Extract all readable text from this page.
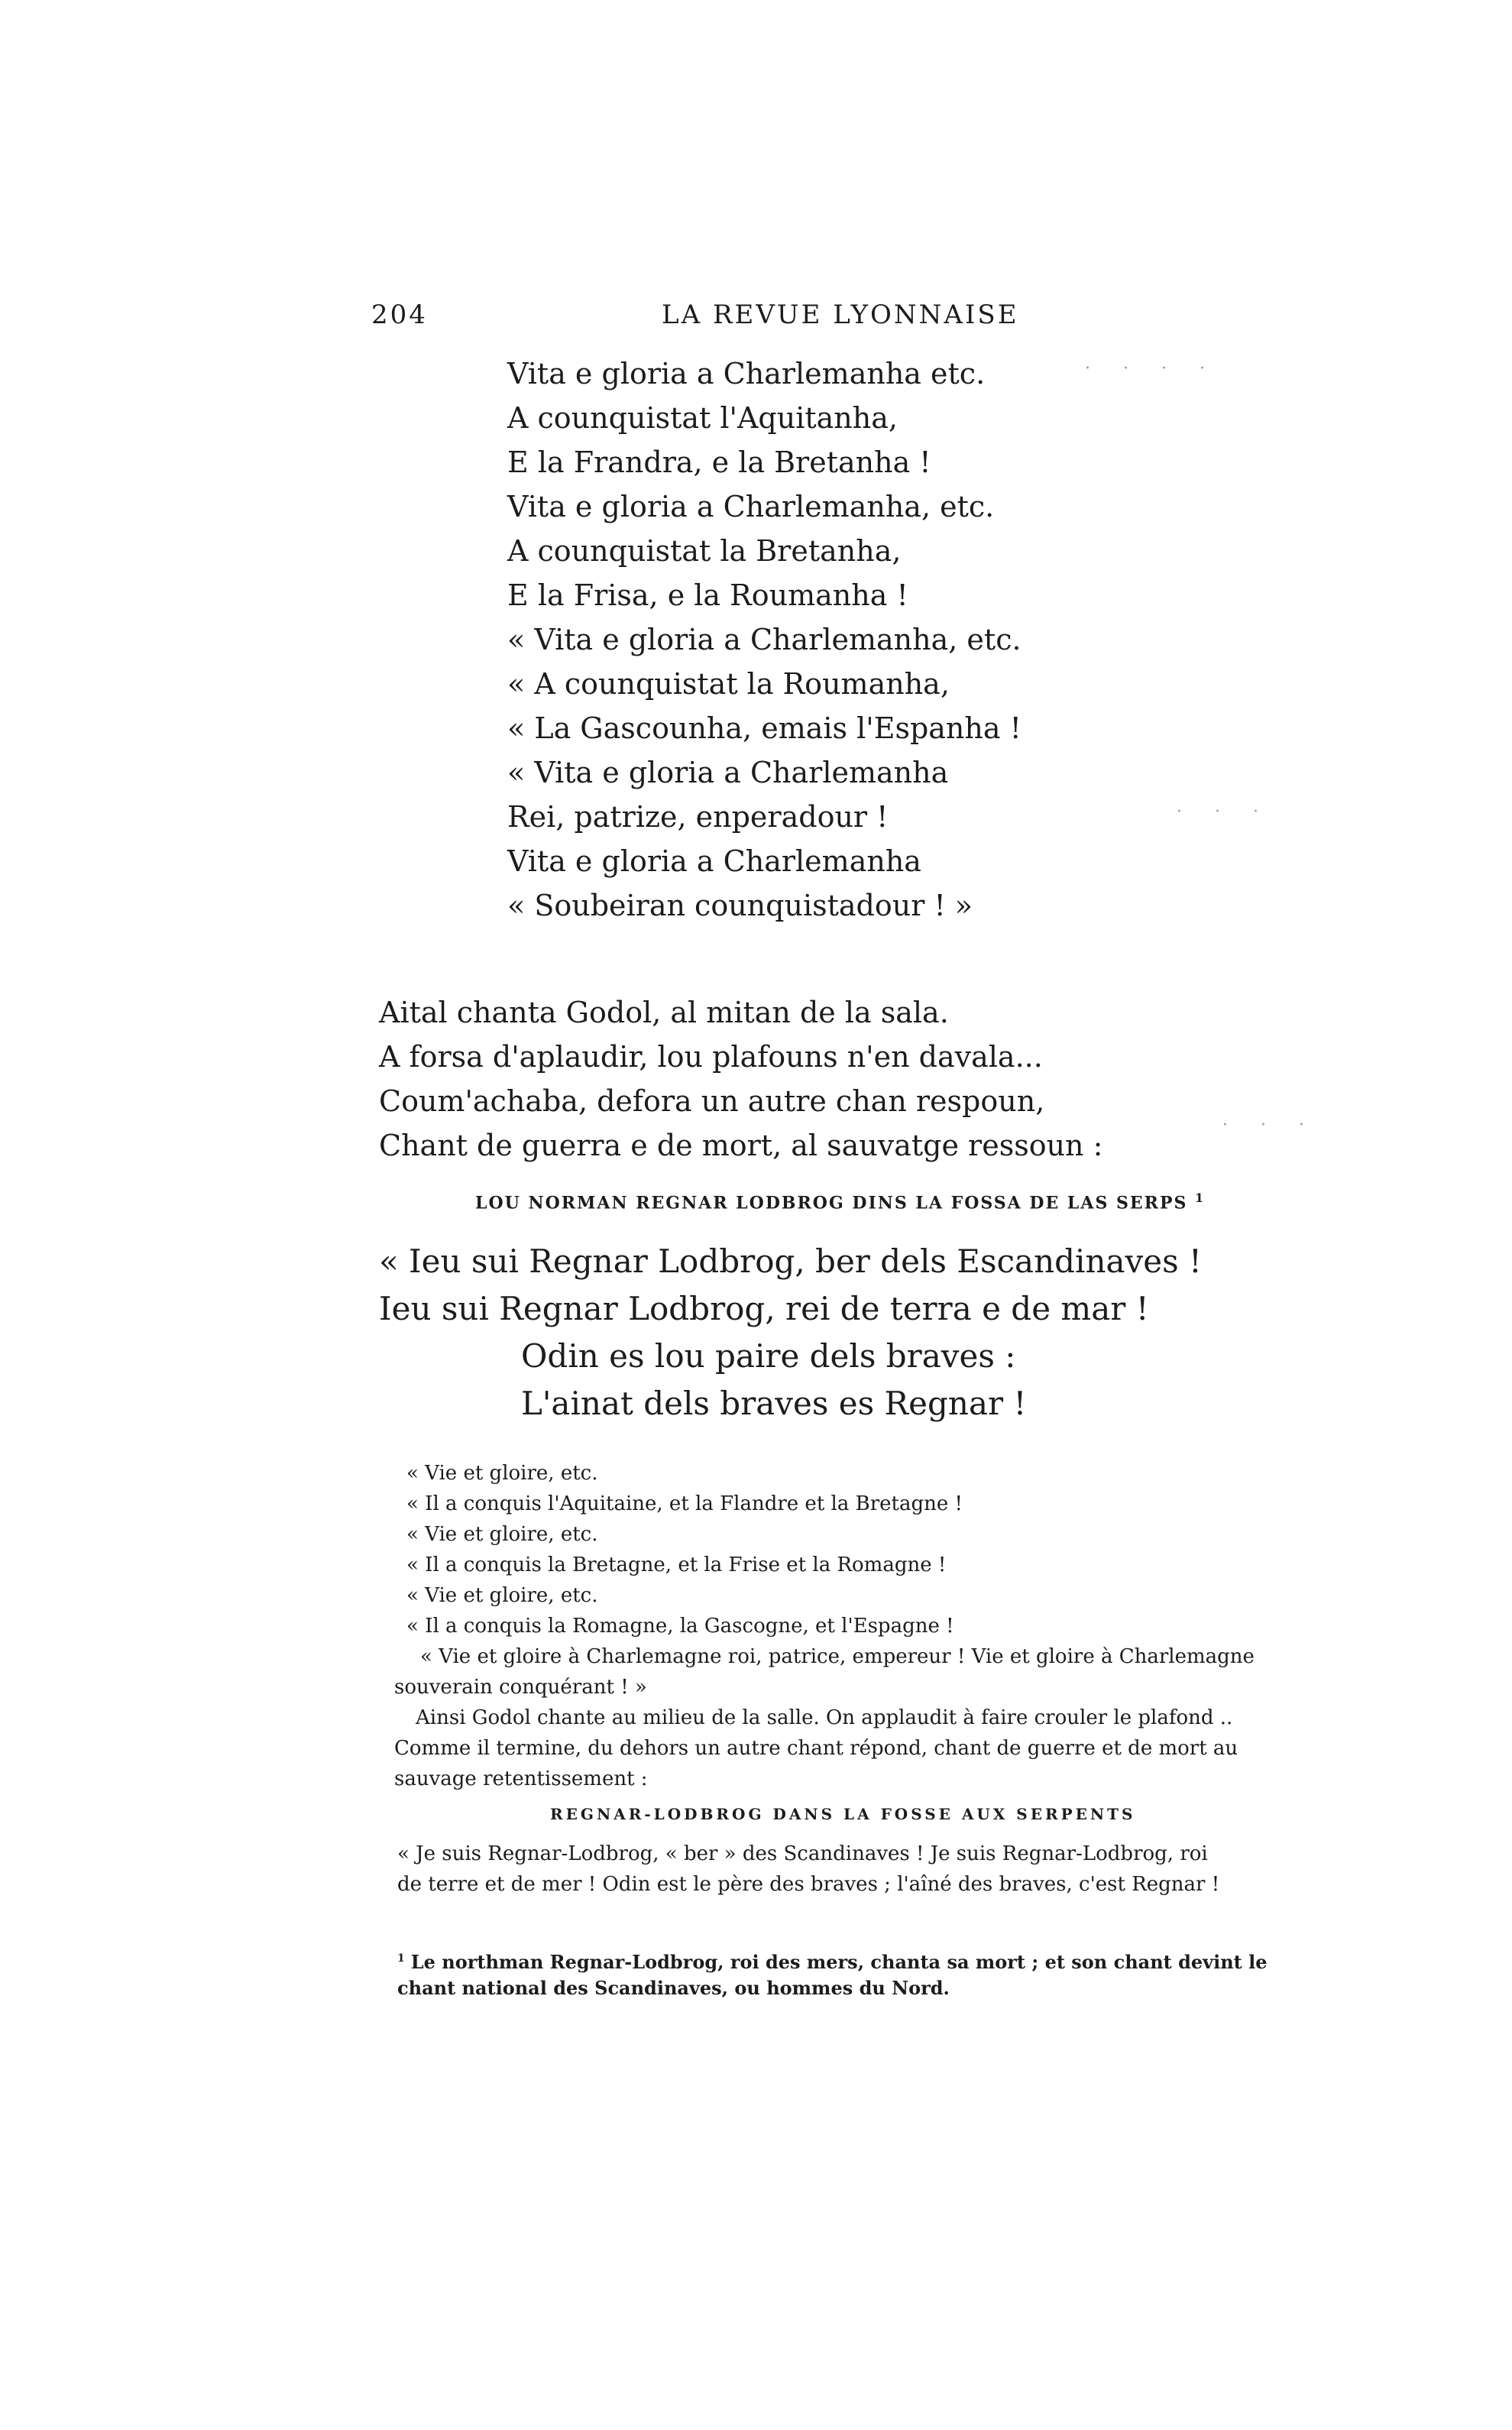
204	LA REVUE LYONNAISE
Vita e gloria a Charlemanha etc.
A counquistat l'Aquitanha,
E la Frandra, e la Bretanha !
Vita e gloria a Charlemanha, etc.
A counquistat la Bretanha,
E la Frisa, e la Roumanha !
« Vita e gloria a Charlemanha, etc.
« A counquistat la Roumanha,
« La Gascounha, emais l'Espanha !
« Vita e gloria a Charlemanha
Rei, patrize, enperadour !
Vita e gloria a Charlemanha
« Soubeiran counquistadour ! »
Aital chanta Godol, al mitan de la sala.
A forsa d'aplaudir, lou plafouns n'en davala...
Coum'achaba, defora un autre chan respoun,
Chant de guerra e de mort, al sauvatge ressoun :
LOU NORMAN REGNAR LODBROG DINS LA FOSSA DE LAS SERPS $^1$
« Ieu sui Regnar Lodbrog, ber dels Escandinaves !
Ieu sui Regnar Lodbrog, rei de terra e de mar !
Odin es lou paire dels braves :
L'ainat dels braves es Regnar !
« Vie et gloire, etc.
« Il a conquis l'Aquitaine, et la Flandre et la Bretagne !
« Vie et gloire, etc.
« Il a conquis la Bretagne, et la Frise et la Romagne !
« Vie et gloire, etc.
« Il a conquis la Romagne, la Gascogne, et l'Espagne !
« Vie et gloire à Charlemagne roi, patrice, empereur ! Vie et gloire à Charlemagne
souverain conquérant ! »
Ainsi Godol chante au milieu de la salle. On applaudit à faire crouler le plafond ..
Comme il termine, du dehors un autre chant répond, chant de guerre et de mort au
sauvage retentissement :
REGNAR-LODBROG DANS LA FOSSE AUX SERPENTS
« Je suis Regnar-Lodbrog, « ber » des Scandinaves ! Je suis Regnar-Lodbrog, roi
de terre et de mer ! Odin est le père des braves ; l'aîné des braves, c'est Regnar !
$^1$ Le northman Regnar-Lodbrog, roi des mers, chanta sa mort ; et son chant devint le
chant national des Scandinaves, ou hommes du Nord.
· · · ·
· · ·
· · ·
